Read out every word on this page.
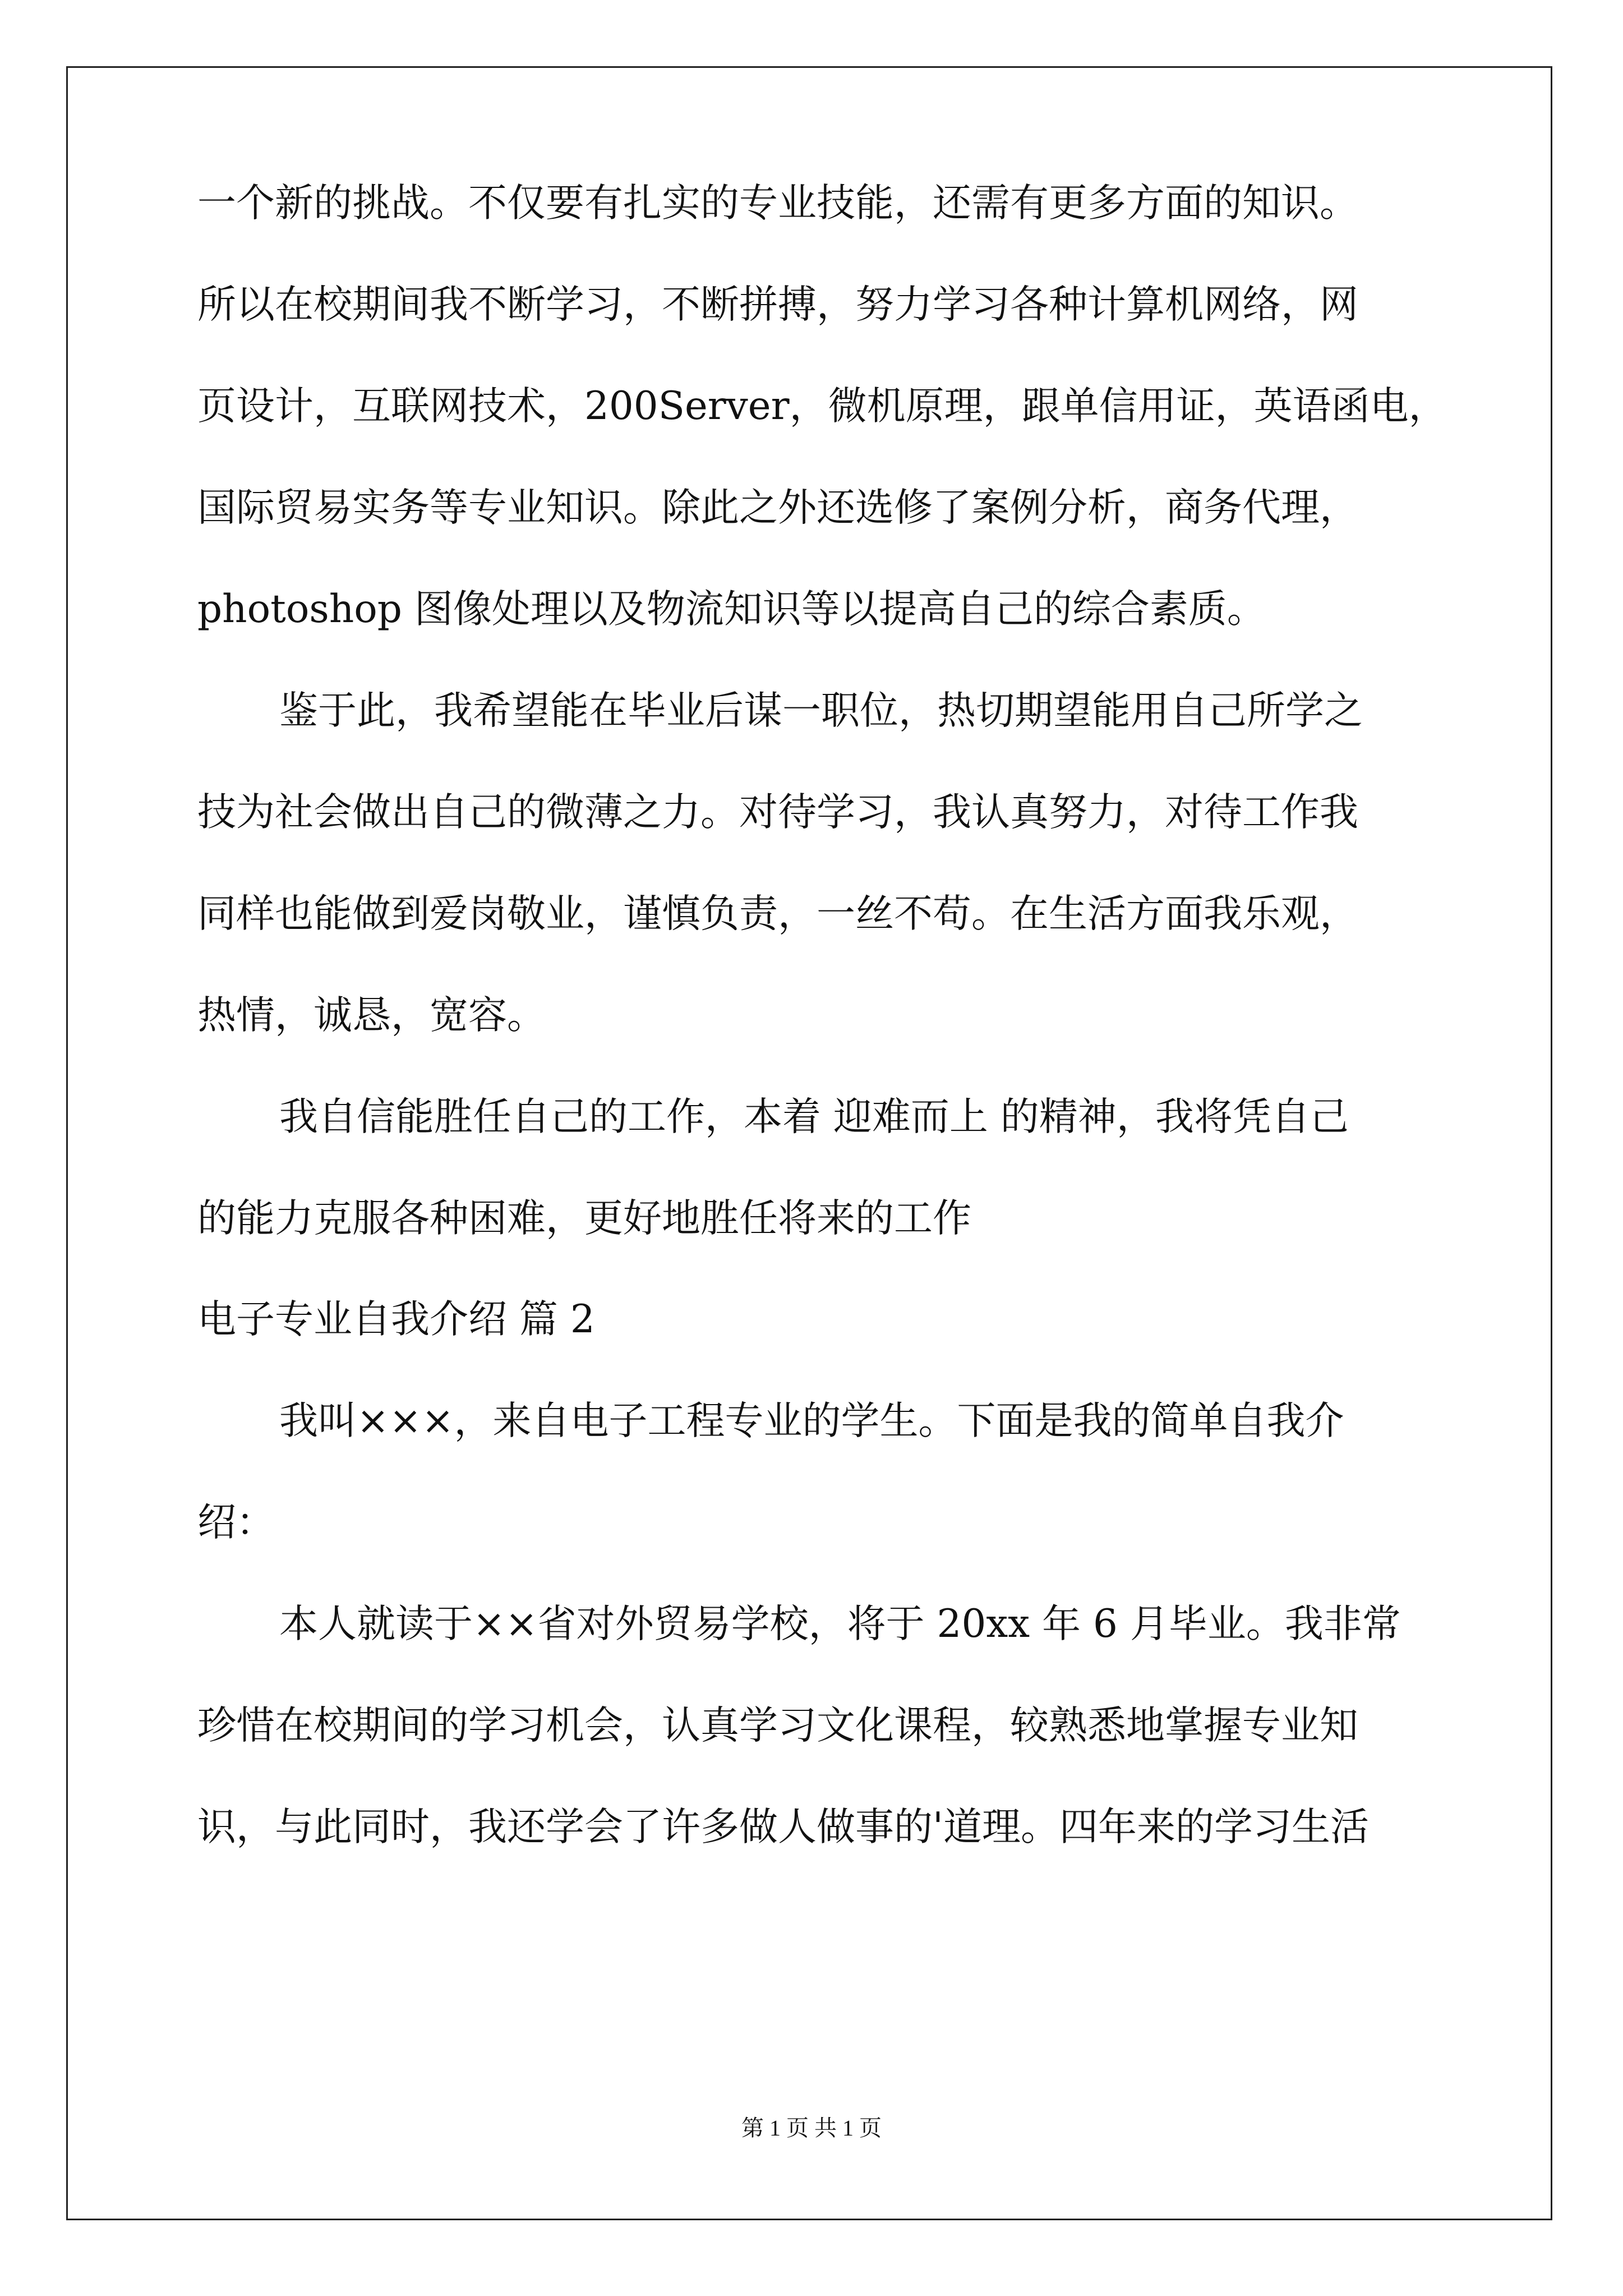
一个新的挑战。不仅要有扎实的专业技能，还需有更多方面的知识。

所以在校期间我不断学习，不断拼搏，努力学习各种计算机网络，网

页设计，互联网技术，200Server，微机原理，跟单信用证，英语函电，

国际贸易实务等专业知识。除此之外还选修了案例分析，商务代理，

photoshop 图像处理以及物流知识等以提高自己的综合素质。

鉴于此，我希望能在毕业后谋一职位，热切期望能用自己所学之

技为社会做出自己的微薄之力。对待学习，我认真努力，对待工作我

同样也能做到爱岗敬业，谨慎负责，一丝不苟。在生活方面我乐观，

热情，诚恳，宽容。

我自信能胜任自己的工作，本着 迎难而上 的精神，我将凭自己

的能力克服各种困难，更好地胜任将来的工作

电子专业自我介绍 篇 2

我叫×××，来自电子工程专业的学生。下面是我的简单自我介

绍：

本人就读于××省对外贸易学校，将于 20xx 年 6 月毕业。我非常

珍惜在校期间的学习机会，认真学习文化课程，较熟悉地掌握专业知

识，与此同时，我还学会了许多做人做事的'道理。四年来的学习生活

第 1 页 共 1 页
